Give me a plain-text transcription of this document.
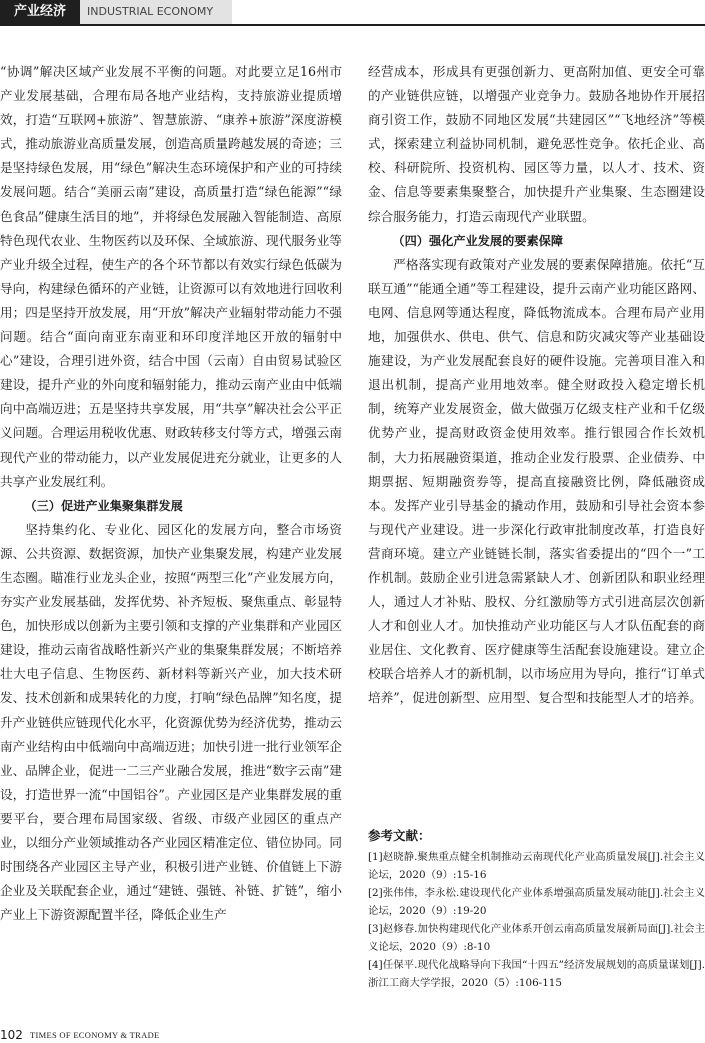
产业经济	INDUSTRIAL ECONOMY

“协调”解决区域产业发展不平衡的问题。对此要立足16州市产业发展基础，合理布局各地产业结构，支持旅游业提质增效，打造“互联网+旅游”、智慧旅游、“康养+旅游”深度游模式，推动旅游业高质量发展，创造高质量跨越发展的奇迹；三是坚持绿色发展，用“绿色”解决生态环境保护和产业的可持续发展问题。结合“美丽云南”建设，高质量打造“绿色能源”“绿色食品”健康生活目的地”，并将绿色发展融入智能制造、高原特色现代农业、生物医药以及环保、全域旅游、现代服务业等产业升级全过程，使生产的各个环节都以有效实行绿色低碳为导向，构建绿色循环的产业链，让资源可以有效地进行回收利用；四是坚持开放发展，用“开放”解决产业辐射带动能力不强问题。结合“面向南亚东南亚和环印度洋地区开放的辐射中心”建设，合理引进外资，结合中国（云南）自由贸易试验区建设，提升产业的外向度和辐射能力，推动云南产业由中低端向中高端迈进；五是坚持共享发展，用“共享”解决社会公平正义问题。合理运用税收优惠、财政转移支付等方式，增强云南现代产业的带动能力，以产业发展促进充分就业，让更多的人共享产业发展红利。

（三）促进产业集聚集群发展

坚持集约化、专业化、园区化的发展方向，整合市场资源、公共资源、数据资源，加快产业集聚发展，构建产业发展生态圈。瞄准行业龙头企业，按照“两型三化”产业发展方向，夯实产业发展基础，发挥优势、补齐短板、聚焦重点、彰显特色，加快形成以创新为主要引领和支撑的产业集群和产业园区建设，推动云南省战略性新兴产业的集聚集群发展；不断培养壮大电子信息、生物医药、新材料等新兴产业，加大技术研发、技术创新和成果转化的力度，打响“绿色品牌”知名度，提升产业链供应链现代化水平，化资源优势为经济优势，推动云南产业结构由中低端向中高端迈进；加快引进一批行业领军企业、品牌企业，促进一二三产业融合发展，推进“数字云南”建设，打造世界一流“中国铝谷”。产业园区是产业集群发展的重要平台，要合理布局国家级、省级、市级产业园区的重点产业，以细分产业领域推动各产业园区精准定位、错位协同。同时围绕各产业园区主导产业，积极引进产业链、价值链上下游企业及关联配套企业，通过“建链、强链、补链、扩链”，缩小产业上下游资源配置半径，降低企业生产

经营成本，形成具有更强创新力、更高附加值、更安全可靠的产业链供应链，以增强产业竞争力。鼓励各地协作开展招商引资工作，鼓励不同地区发展“共建园区”“飞地经济”等模式，探索建立利益协同机制，避免恶性竞争。依托企业、高校、科研院所、投资机构、园区等力量，以人才、技术、资金、信息等要素集聚整合，加快提升产业集聚、生态圈建设综合服务能力，打造云南现代产业联盟。

（四）强化产业发展的要素保障

严格落实现有政策对产业发展的要素保障措施。依托“互联互通”“能通全通”等工程建设，提升云南产业功能区路网、电网、信息网等通达程度，降低物流成本。合理布局产业用地，加强供水、供电、供气、信息和防灾减灾等产业基础设施建设，为产业发展配套良好的硬件设施。完善项目准入和退出机制，提高产业用地效率。健全财政投入稳定增长机制，统筹产业发展资金，做大做强万亿级支柱产业和千亿级优势产业，提高财政资金使用效率。推行银园合作长效机制，大力拓展融资渠道，推动企业发行股票、企业债券、中期票据、短期融资券等，提高直接融资比例，降低融资成本。发挥产业引导基金的撬动作用，鼓励和引导社会资本参与现代产业建设。进一步深化行政审批制度改革，打造良好营商环境。建立产业链链长制，落实省委提出的“四个一”工作机制。鼓励企业引进急需紧缺人才、创新团队和职业经理人，通过人才补贴、股权、分红激励等方式引进高层次创新人才和创业人才。加快推动产业功能区与人才队伍配套的商业居住、文化教育、医疗健康等生活配套设施建设。建立企校联合培养人才的新机制，以市场应用为导向，推行“订单式培养”，促进创新型、应用型、复合型和技能型人才的培养。

参考文献：

[1]赵晓静.聚焦重点健全机制推动云南现代化产业高质量发展[J].社会主义论坛，2020（9）:15-16

[2]张伟伟，李永松.建设现代化产业体系增强高质量发展动能[J].社会主义论坛，2020（9）:19-20

[3]赵修春.加快构建现代化产业体系开创云南高质量发展新局面[J].社会主义论坛，2020（9）:8-10

[4]任保平.现代化战略导向下我国“十四五”经济发展规划的高质量谋划[J].浙江工商大学学报，2020（5）:106-115

102 TIMES OF ECONOMY & TRADE
